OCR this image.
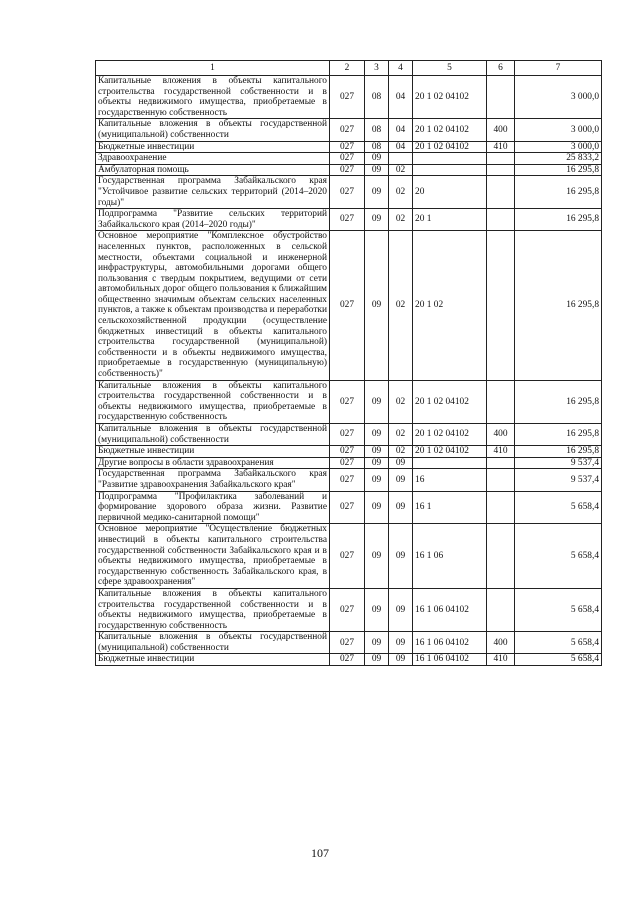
1	2	3	4	5	6	7
Капитальные вложения в объекты капитального строительства государственной собственности и в объекты недвижимого имущества, приобретаемые в государственную собственность	027	08	04	20 1 02 04102		3 000,0
Капитальные вложения в объекты государственной (муниципальной) собственности	027	08	04	20 1 02 04102	400	3 000,0
Бюджетные инвестиции	027	08	04	20 1 02 04102	410	3 000,0
Здравоохранение	027	09				25 833,2
Амбулаторная помощь	027	09	02			16 295,8
Государственная программа Забайкальского края "Устойчивое развитие сельских территорий (2014–2020 годы)"	027	09	02	20		16 295,8
Подпрограмма "Развитие сельских территорий Забайкальского края (2014–2020 годы)"	027	09	02	20 1		16 295,8
Основное мероприятие "Комплексное обустройство населенных пунктов, расположенных в сельской местности, объектами социальной и инженерной инфраструктуры, автомобильными дорогами общего пользования с твердым покрытием, ведущими от сети автомобильных дорог общего пользования к ближайшим общественно значимым объектам сельских населенных пунктов, а также к объектам производства и переработки сельскохозяйственной продукции (осуществление бюджетных инвестиций в объекты капитального строительства государственной (муниципальной) собственности и в объекты недвижимого имущества, приобретаемые в государственную (муниципальную) собственность)"	027	09	02	20 1 02		16 295,8
Капитальные вложения в объекты капитального строительства государственной собственности и в объекты недвижимого имущества, приобретаемые в государственную собственность	027	09	02	20 1 02 04102		16 295,8
Капитальные вложения в объекты государственной (муниципальной) собственности	027	09	02	20 1 02 04102	400	16 295,8
Бюджетные инвестиции	027	09	02	20 1 02 04102	410	16 295,8
Другие вопросы в области здравоохранения	027	09	09			9 537,4
Государственная программа Забайкальского края "Развитие здравоохранения Забайкальского края"	027	09	09	16		9 537,4
Подпрограмма "Профилактика заболеваний и формирование здорового образа жизни. Развитие первичной медико-санитарной помощи"	027	09	09	16 1		5 658,4
Основное мероприятие "Осуществление бюджетных инвестиций в объекты капитального строительства государственной собственности Забайкальского края и в объекты недвижимого имущества, приобретаемые в государственную собственность Забайкальского края, в сфере здравоохранения"	027	09	09	16 1 06		5 658,4
Капитальные вложения в объекты капитального строительства государственной собственности и в объекты недвижимого имущества, приобретаемые в государственную собственность	027	09	09	16 1 06 04102		5 658,4
Капитальные вложения в объекты государственной (муниципальной) собственности	027	09	09	16 1 06 04102	400	5 658,4
Бюджетные инвестиции	027	09	09	16 1 06 04102	410	5 658,4
107
